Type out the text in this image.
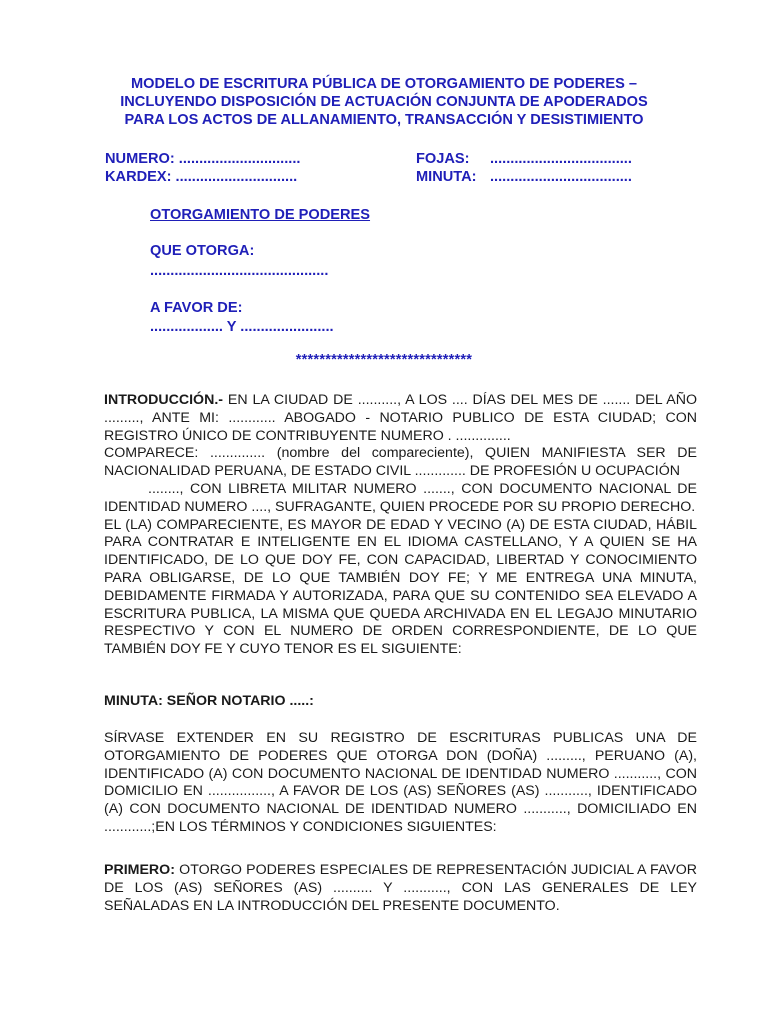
MODELO DE ESCRITURA PÚBLICA DE OTORGAMIENTO DE PODERES –
INCLUYENDO DISPOSICIÓN DE ACTUACIÓN CONJUNTA DE APODERADOS
PARA LOS ACTOS DE ALLANAMIENTO, TRANSACCIÓN Y DESISTIMIENTO
NUMERO: ..............................	FOJAS: ...................................
KARDEX: ..............................	MINUTA: ...................................
OTORGAMIENTO DE PODERES
QUE OTORGA:
............................................
A FAVOR DE:
.................. Y .......................
******************************
INTRODUCCIÓN.- EN LA CIUDAD DE .........., A LOS .... DÍAS DEL MES DE ....... DEL AÑO ........., ANTE MI: ............ ABOGADO - NOTARIO PUBLICO DE ESTA CIUDAD; CON REGISTRO ÚNICO DE CONTRIBUYENTE NUMERO . ..............
COMPARECE: .............. (nombre del compareciente), QUIEN MANIFIESTA SER DE NACIONALIDAD PERUANA, DE ESTADO CIVIL ............. DE PROFESIÓN U OCUPACIÓN
........, CON LIBRETA MILITAR NUMERO ......., CON DOCUMENTO NACIONAL DE IDENTIDAD NUMERO ...., SUFRAGANTE, QUIEN PROCEDE POR SU PROPIO DERECHO.
EL (LA) COMPARECIENTE, ES MAYOR DE EDAD Y VECINO (A) DE ESTA CIUDAD, HÁBIL PARA CONTRATAR E INTELIGENTE EN EL IDIOMA CASTELLANO, Y A QUIEN SE HA IDENTIFICADO, DE LO QUE DOY FE, CON CAPACIDAD, LIBERTAD Y CONOCIMIENTO PARA OBLIGARSE, DE LO QUE TAMBIÉN DOY FE; Y ME ENTREGA UNA MINUTA, DEBIDAMENTE FIRMADA Y AUTORIZADA, PARA QUE SU CONTENIDO SEA ELEVADO A ESCRITURA PUBLICA, LA MISMA QUE QUEDA ARCHIVADA EN EL LEGAJO MINUTARIO RESPECTIVO Y CON EL NUMERO DE ORDEN CORRESPONDIENTE, DE LO QUE TAMBIÉN DOY FE Y CUYO TENOR ES EL SIGUIENTE:
MINUTA: SEÑOR NOTARIO .....:
SÍRVASE EXTENDER EN SU REGISTRO DE ESCRITURAS PUBLICAS UNA DE OTORGAMIENTO DE PODERES QUE OTORGA DON (DOÑA) ........., PERUANO (A), IDENTIFICADO (A) CON DOCUMENTO NACIONAL DE IDENTIDAD NUMERO ..........., CON DOMICILIO EN ................, A FAVOR DE LOS (AS) SEÑORES (AS) ..........., IDENTIFICADO (A) CON DOCUMENTO NACIONAL DE IDENTIDAD NUMERO ..........., DOMICILIADO EN ............;EN LOS TÉRMINOS Y CONDICIONES SIGUIENTES:
PRIMERO: OTORGO PODERES ESPECIALES DE REPRESENTACIÓN JUDICIAL A FAVOR DE LOS (AS) SEÑORES (AS) .......... Y ..........., CON LAS GENERALES DE LEY SEÑALADAS EN LA INTRODUCCIÓN DEL PRESENTE DOCUMENTO.
